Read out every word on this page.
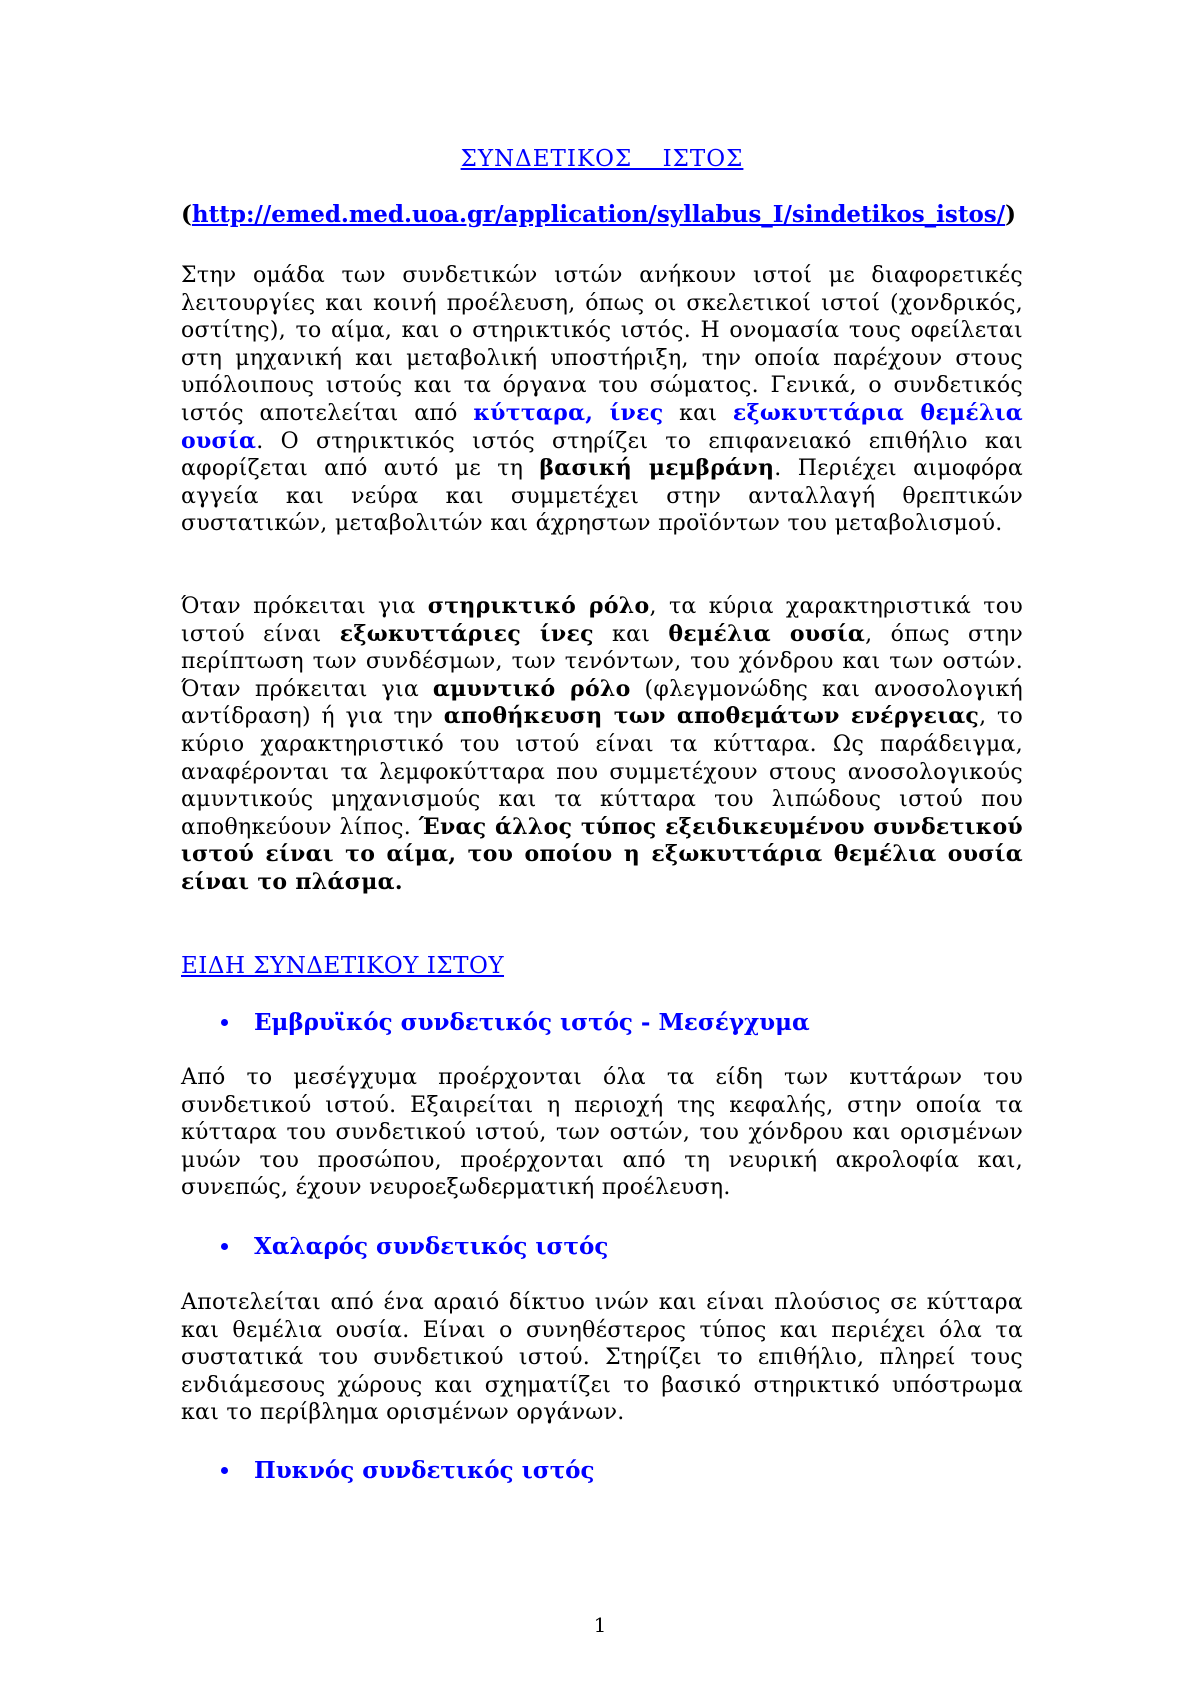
ΣΥΝΔΕΤΙΚΟΣ ΙΣΤΟΣ
(http://emed.med.uoa.gr/application/syllabus_I/sindetikos_istos/)

Στην ομάδα των συνδετικών ιστών ανήκουν ιστοί με διαφορετικές λειτουργίες και κοινή προέλευση, όπως οι σκελετικοί ιστοί (χονδρικός, οστίτης), το αίμα, και ο στηρικτικός ιστός. Η ονομασία τους οφείλεται στη μηχανική και μεταβολική υποστήριξη, την οποία παρέχουν στους υπόλοιπους ιστούς και τα όργανα του σώματος. Γενικά, ο συνδετικός ιστός αποτελείται από κύτταρα, ίνες και εξωκυττάρια θεμέλια ουσία. Ο στηρικτικός ιστός στηρίζει το επιφανειακό επιθήλιο και αφορίζεται από αυτό με τη βασική μεμβράνη. Περιέχει αιμοφόρα αγγεία και νεύρα και συμμετέχει στην ανταλλαγή θρεπτικών συστατικών, μεταβολιτών και άχρηστων προϊόντων του μεταβολισμού.

Όταν πρόκειται για στηρικτικό ρόλο, τα κύρια χαρακτηριστικά του ιστού είναι εξωκυττάριες ίνες και θεμέλια ουσία, όπως στην περίπτωση των συνδέσμων, των τενόντων, του χόνδρου και των οστών. Όταν πρόκειται για αμυντικό ρόλο (φλεγμονώδης και ανοσολογική αντίδραση) ή για την αποθήκευση των αποθεμάτων ενέργειας, το κύριο χαρακτηριστικό του ιστού είναι τα κύτταρα. Ως παράδειγμα, αναφέρονται τα λεμφοκύτταρα που συμμετέχουν στους ανοσολογικούς αμυντικούς μηχανισμούς και τα κύτταρα του λιπώδους ιστού που αποθηκεύουν λίπος. Ένας άλλος τύπος εξειδικευμένου συνδετικού ιστού είναι το αίμα, του οποίου η εξωκυττάρια θεμέλια ουσία είναι το πλάσμα.

ΕΙΔΗ ΣΥΝΔΕΤΙΚΟΥ ΙΣΤΟΥ
Εμβρυϊκός συνδετικός ιστός - Μεσέγχυμα

Από το μεσέγχυμα προέρχονται όλα τα είδη των κυττάρων του συνδετικού ιστού. Εξαιρείται η περιοχή της κεφαλής, στην οποία τα κύτταρα του συνδετικού ιστού, των οστών, του χόνδρου και ορισμένων μυών του προσώπου, προέρχονται από τη νευρική ακρολοφία και, συνεπώς, έχουν νευροεξωδερματική προέλευση.

Χαλαρός συνδετικός ιστός

Αποτελείται από ένα αραιό δίκτυο ινών και είναι πλούσιος σε κύτταρα και θεμέλια ουσία. Είναι ο συνηθέστερος τύπος και περιέχει όλα τα συστατικά του συνδετικού ιστού. Στηρίζει το επιθήλιο, πληρεί τους ενδιάμεσους χώρους και σχηματίζει το βασικό στηρικτικό υπόστρωμα και το περίβλημα ορισμένων οργάνων.

Πυκνός συνδετικός ιστός
1
